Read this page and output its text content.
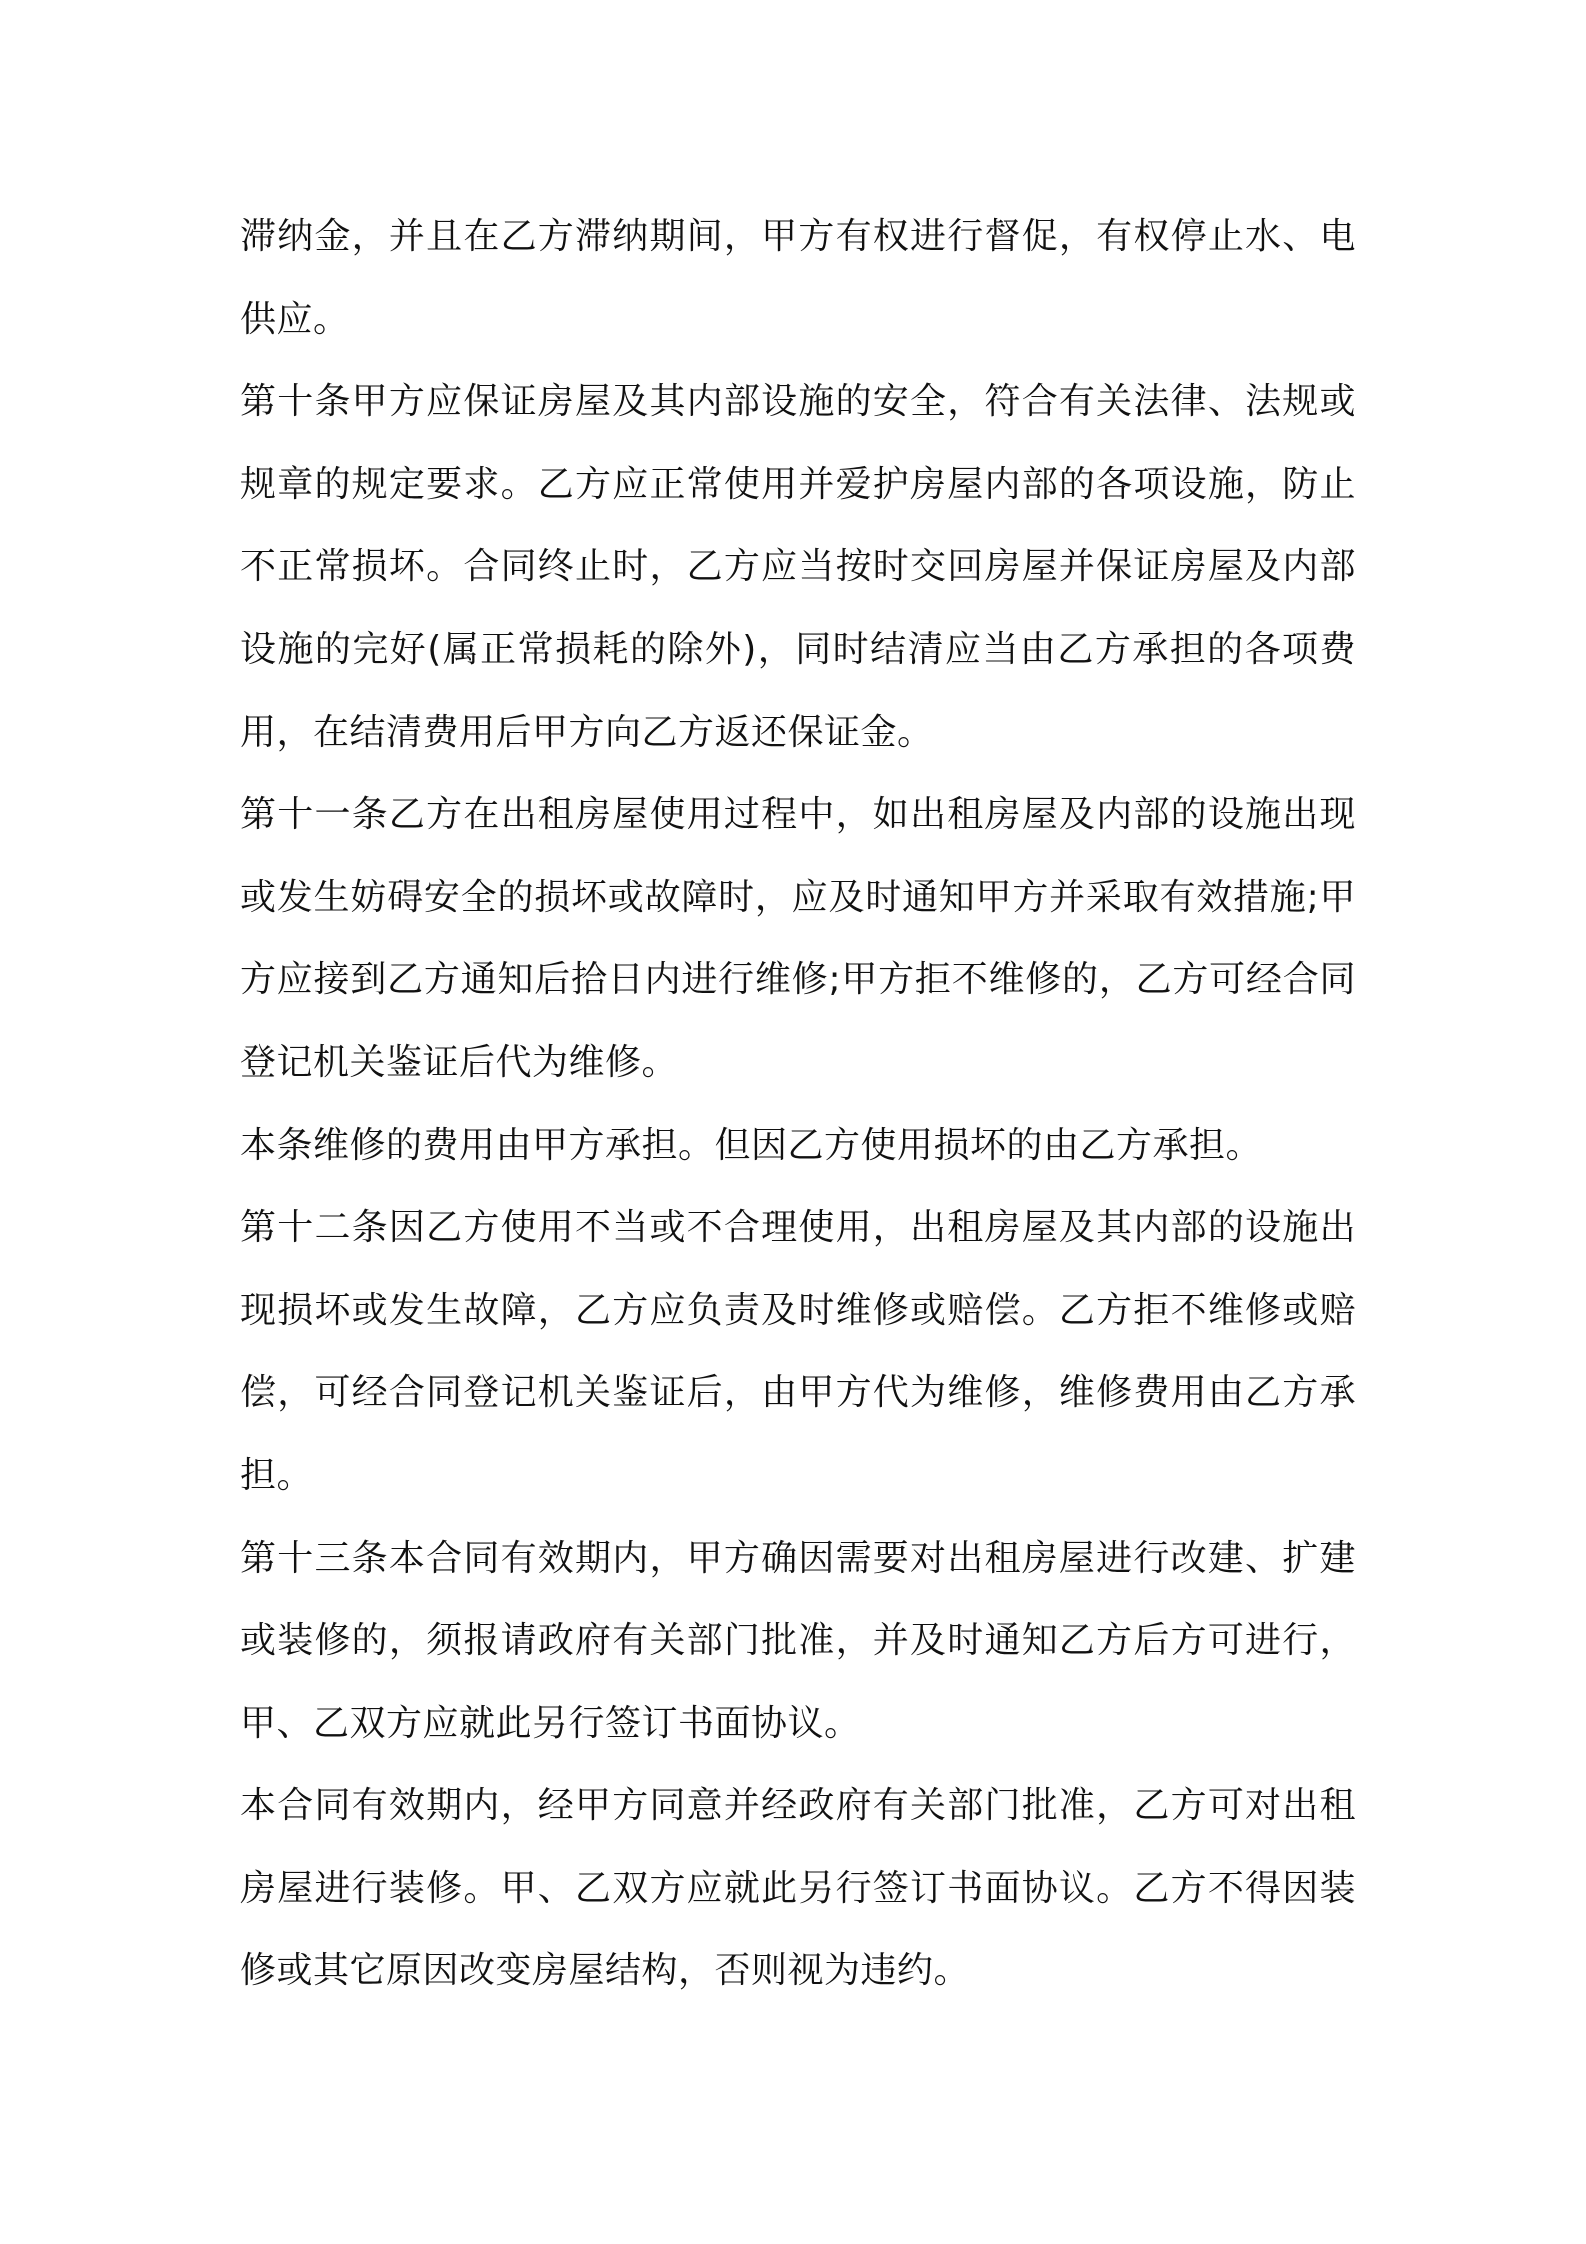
滞纳金，并且在乙方滞纳期间，甲方有权进行督促，有权停止水、电供应。

第十条甲方应保证房屋及其内部设施的安全，符合有关法律、法规或规章的规定要求。乙方应正常使用并爱护房屋内部的各项设施，防止不正常损坏。合同终止时，乙方应当按时交回房屋并保证房屋及内部设施的完好(属正常损耗的除外)，同时结清应当由乙方承担的各项费用，在结清费用后甲方向乙方返还保证金。

第十一条乙方在出租房屋使用过程中，如出租房屋及内部的设施出现或发生妨碍安全的损坏或故障时，应及时通知甲方并采取有效措施;甲方应接到乙方通知后拾日内进行维修;甲方拒不维修的，乙方可经合同登记机关鉴证后代为维修。

本条维修的费用由甲方承担。但因乙方使用损坏的由乙方承担。

第十二条因乙方使用不当或不合理使用，出租房屋及其内部的设施出现损坏或发生故障，乙方应负责及时维修或赔偿。乙方拒不维修或赔偿，可经合同登记机关鉴证后，由甲方代为维修，维修费用由乙方承担。

第十三条本合同有效期内，甲方确因需要对出租房屋进行改建、扩建或装修的，须报请政府有关部门批准，并及时通知乙方后方可进行，甲、乙双方应就此另行签订书面协议。

本合同有效期内，经甲方同意并经政府有关部门批准，乙方可对出租房屋进行装修。甲、乙双方应就此另行签订书面协议。乙方不得因装修或其它原因改变房屋结构，否则视为违约。
